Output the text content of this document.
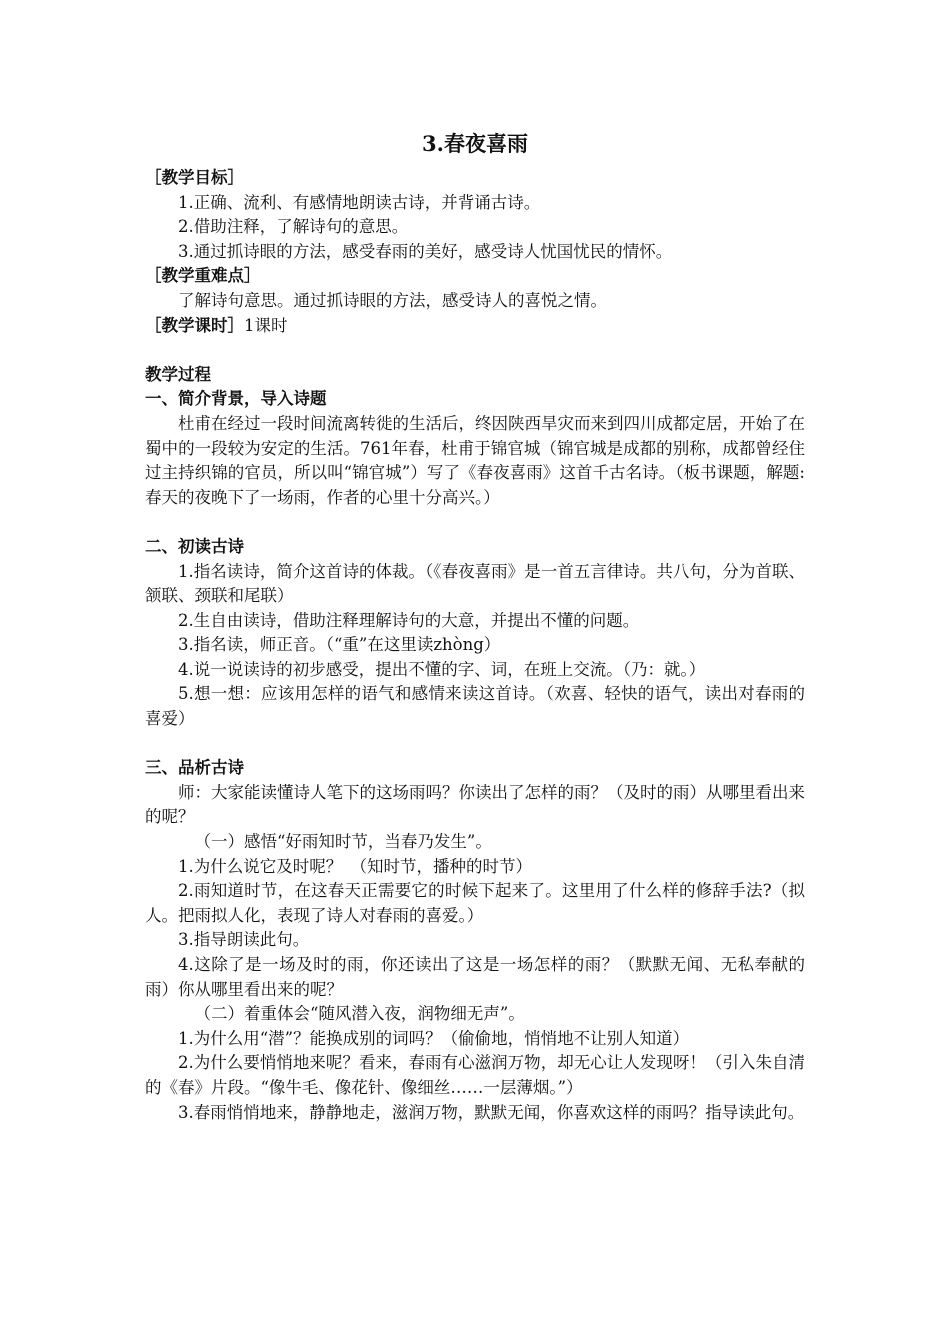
3.春夜喜雨
［教学目标］

1.正确、流利、有感情地朗读古诗，并背诵古诗。

2.借助注释，了解诗句的意思。

3.通过抓诗眼的方法，感受春雨的美好，感受诗人忧国忧民的情怀。

［教学重难点］

了解诗句意思。通过抓诗眼的方法，感受诗人的喜悦之情。

［教学课时］1课时
教学过程
一、简介背景，导入诗题

杜甫在经过一段时间流离转徙的生活后，终因陕西旱灾而来到四川成都定居，开始了在蜀中的一段较为安定的生活。761年春，杜甫于锦官城（锦官城是成都的别称，成都曾经住过主持织锦的官员，所以叫“锦官城”）写了《春夜喜雨》这首千古名诗。（板书课题，解题:春天的夜晚下了一场雨，作者的心里十分高兴。）

二、初读古诗

1.指名读诗，简介这首诗的体裁。（《春夜喜雨》是一首五言律诗。共八句，分为首联、颔联、颈联和尾联）

2.生自由读诗，借助注释理解诗句的大意，并提出不懂的问题。

3.指名读，师正音。（“重”在这里读zhòng）

4.说一说读诗的初步感受，提出不懂的字、词，在班上交流。（乃：就。）

5.想一想：应该用怎样的语气和感情来读这首诗。（欢喜、轻快的语气，读出对春雨的喜爱）

三、品析古诗

师：大家能读懂诗人笔下的这场雨吗？你读出了怎样的雨？（及时的雨）从哪里看出来的呢？

（一）感悟“好雨知时节，当春乃发生”。

1.为什么说它及时呢？　（知时节，播种的时节）

2.雨知道时节，在这春天正需要它的时候下起来了。这里用了什么样的修辞手法?（拟人。把雨拟人化，表现了诗人对春雨的喜爱。）

3.指导朗读此句。

4.这除了是一场及时的雨，你还读出了这是一场怎样的雨？（默默无闻、无私奉献的雨）你从哪里看出来的呢？

（二）着重体会“随风潜入夜，润物细无声”。

1.为什么用“潜”？能换成别的词吗？（偷偷地，悄悄地不让别人知道）

2.为什么要悄悄地来呢？看来，春雨有心滋润万物，却无心让人发现呀！（引入朱自清的《春》片段。“像牛毛、像花针、像细丝……一层薄烟。”）

3.春雨悄悄地来，静静地走，滋润万物，默默无闻，你喜欢这样的雨吗？指导读此句。
